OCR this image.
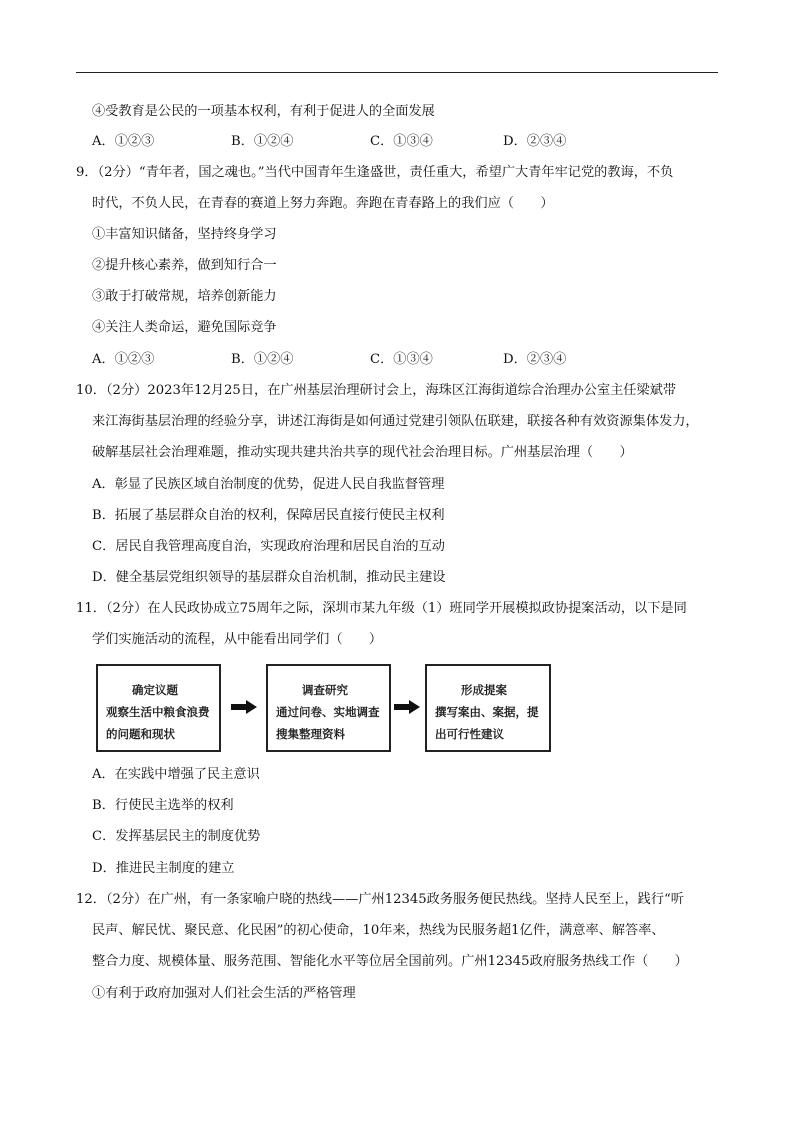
④受教育是公民的一项基本权利，有利于促进人的全面发展
A．①②③	B．①②④	C．①③④	D．②③④
9．（2分）“青年者，国之魂也。”当代中国青年生逢盛世，责任重大，希望广大青年牢记党的教诲，不负
时代，不负人民，在青春的赛道上努力奔跑。奔跑在青春路上的我们应（　　）
①丰富知识储备，坚持终身学习
②提升核心素养，做到知行合一
③敢于打破常规，培养创新能力
④关注人类命运，避免国际竞争
A．①②③	B．①②④	C．①③④	D．②③④
10．（2分）2023年12月25日，在广州基层治理研讨会上，海珠区江海街道综合治理办公室主任梁斌带
来江海街基层治理的经验分享，讲述江海街是如何通过党建引领队伍联建，联接各种有效资源集体发力，
破解基层社会治理难题，推动实现共建共治共享的现代社会治理目标。广州基层治理（　　）
A．彰显了民族区域自治制度的优势，促进人民自我监督管理
B．拓展了基层群众自治的权利，保障居民直接行使民主权利
C．居民自我管理高度自治，实现政府治理和居民自治的互动
D．健全基层党组织领导的基层群众自治机制，推动民主建设
11．（2分）在人民政协成立75周年之际，深圳市某九年级（1）班同学开展模拟政协提案活动，以下是同
学们实施活动的流程，从中能看出同学们（　　）
确定议题
观察生活中粮食浪费
的问题和现状
调查研究
通过问卷、实地调查
搜集整理资料
形成提案
撰写案由、案据，提
出可行性建议
A．在实践中增强了民主意识
B．行使民主选举的权利
C．发挥基层民主的制度优势
D．推进民主制度的建立
12．（2分）在广州，有一条家喻户晓的热线——广州12345政务服务便民热线。坚持人民至上，践行“听
民声、解民忧、聚民意、化民困”的初心使命，10年来，热线为民服务超1亿件，满意率、解答率、
整合力度、规模体量、服务范围、智能化水平等位居全国前列。广州12345政府服务热线工作（　　）
①有利于政府加强对人们社会生活的严格管理
